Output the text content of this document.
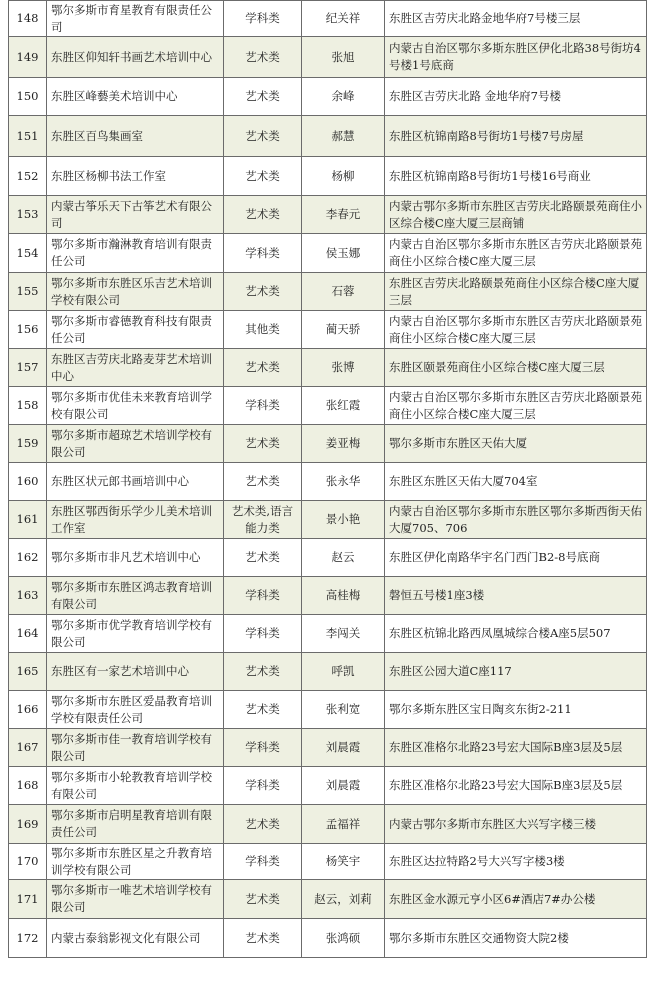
148	鄂尔多斯市育星教育有限责任公司	学科类	纪关祥	东胜区吉劳庆北路金地华府7号楼三层
149	东胜区仰知轩书画艺术培训中心	艺术类	张旭	内蒙古自治区鄂尔多斯东胜区伊化北路38号街坊4号楼1号底商
150	东胜区峰藝美术培训中心	艺术类	余峰	东胜区吉劳庆北路 金地华府7号楼
151	东胜区百鸟集画室	艺术类	郝慧	东胜区杭锦南路8号街坊1号楼7号房屋
152	东胜区杨柳书法工作室	艺术类	杨柳	东胜区杭锦南路8号街坊1号楼16号商业
153	内蒙古筝乐天下古筝艺术有限公司	艺术类	李春元	内蒙古鄂尔多斯市东胜区吉劳庆北路颐景苑商住小区综合楼C座大厦三层商铺
154	鄂尔多斯市瀚淋教育培训有限责任公司	学科类	侯玉娜	内蒙古自治区鄂尔多斯市东胜区吉劳庆北路颐景苑商住小区综合楼C座大厦三层
155	鄂尔多斯市东胜区乐吉艺术培训学校有限公司	艺术类	石蓉	东胜区吉劳庆北路颐景苑商住小区综合楼C座大厦三层
156	鄂尔多斯市睿德教育科技有限责任公司	其他类	蔺天骄	内蒙古自治区鄂尔多斯市东胜区吉劳庆北路颐景苑商住小区综合楼C座大厦三层
157	东胜区吉劳庆北路麦芽艺术培训中心	艺术类	张博	东胜区颐景苑商住小区综合楼C座大厦三层
158	鄂尔多斯市优佳未来教育培训学校有限公司	学科类	张红霞	内蒙古自治区鄂尔多斯市东胜区吉劳庆北路颐景苑商住小区综合楼C座大厦三层
159	鄂尔多斯市超琼艺术培训学校有限公司	艺术类	姜亚梅	鄂尔多斯市东胜区天佑大厦
160	东胜区状元郎书画培训中心	艺术类	张永华	东胜区东胜区天佑大厦704室
161	东胜区鄂西街乐学少儿美术培训工作室	艺术类,语言能力类	景小艳	内蒙古自治区鄂尔多斯市东胜区鄂尔多斯西街天佑大厦705、706
162	鄂尔多斯市非凡艺术培训中心	艺术类	赵云	东胜区伊化南路华宇名门西门B2-8号底商
163	鄂尔多斯市东胜区鸿志教育培训有限公司	学科类	高桂梅	磐恒五号楼1座3楼
164	鄂尔多斯市优学教育培训学校有限公司	学科类	李闯关	东胜区杭锦北路西凤凰城综合楼A座5层507
165	东胜区有一家艺术培训中心	艺术类	呼凯	东胜区公园大道C座117
166	鄂尔多斯市东胜区爱晶教育培训学校有限责任公司	艺术类	张利宽	鄂尔多斯东胜区宝日陶亥东街2-211
167	鄂尔多斯市佳一教育培训学校有限公司	学科类	刘晨霞	东胜区准格尔北路23号宏大国际B座3层及5层
168	鄂尔多斯市小轮教教育培训学校有限公司	学科类	刘晨霞	东胜区准格尔北路23号宏大国际B座3层及5层
169	鄂尔多斯市启明星教育培训有限责任公司	艺术类	孟福祥	内蒙古鄂尔多斯市东胜区大兴写字楼三楼
170	鄂尔多斯市东胜区星之升教育培训学校有限公司	学科类	杨笑宇	东胜区达拉特路2号大兴写字楼3楼
171	鄂尔多斯市一唯艺术培训学校有限公司	艺术类	赵云，刘莉	东胜区金水源元亨小区6#酒店7#办公楼
172	内蒙古泰翁影视文化有限公司	艺术类	张鸿硕	鄂尔多斯市东胜区交通物资大院2楼
